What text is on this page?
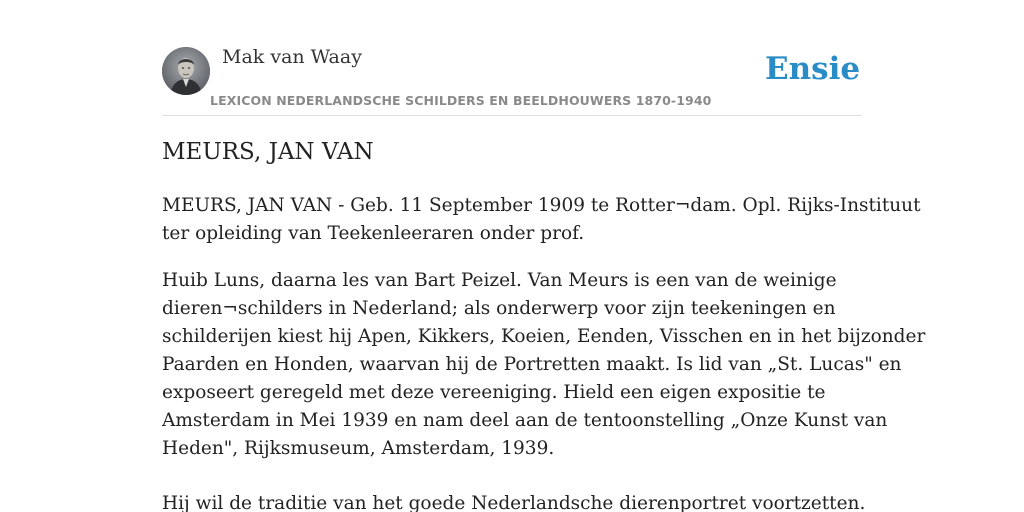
Mak van Waay
LEXICON NEDERLANDSCHE SCHILDERS EN BEELDHOUWERS 1870-1940
Ensie
MEURS, JAN VAN

MEURS, JAN VAN - Geb. 11 September 1909 te Rotter¬dam. Opl. Rijks-Instituut
ter opleiding van Teekenleeraren onder prof.

Huib Luns, daarna les van Bart Peizel. Van Meurs is een van de weinige
dieren¬schilders in Nederland; als onderwerp voor zijn teekeningen en
schilderijen kiest hij Apen, Kikkers, Koeien, Eenden, Visschen en in het bijzonder
Paarden en Honden, waarvan hij de Portretten maakt. Is lid van „St. Lucas" en
exposeert geregeld met deze vereeniging. Hield een eigen expositie te
Amsterdam in Mei 1939 en nam deel aan de tentoonstelling „Onze Kunst van
Heden", Rijksmuseum, Amsterdam, 1939.

Hij wil de traditie van het goede Nederlandsche dierenportret voortzetten.
